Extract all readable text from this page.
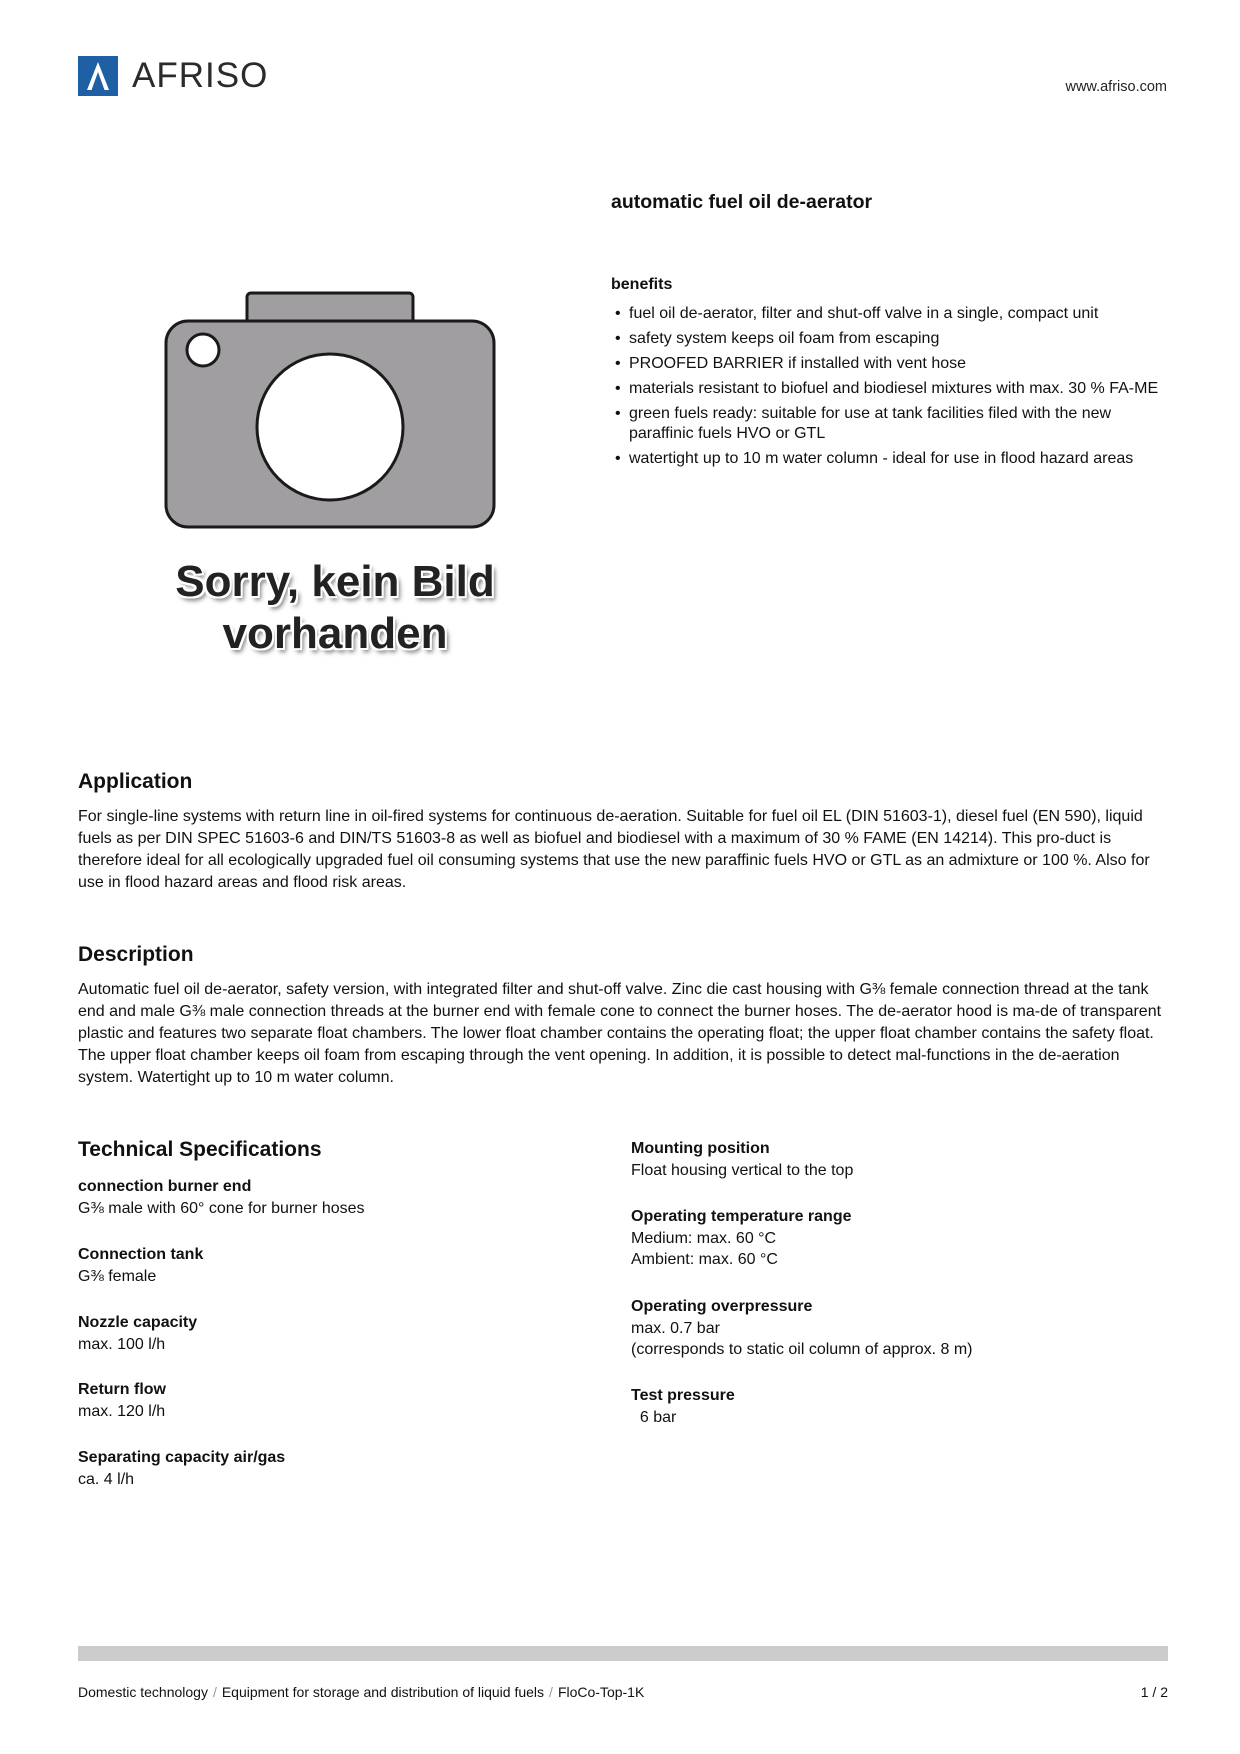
AFRISO	www.afriso.com
automatic fuel oil de-aerator
Sorry, kein Bild
vorhanden
benefits
• fuel oil de-aerator, filter and shut-off valve in a single, compact unit
• safety system keeps oil foam from escaping
• PROOFED BARRIER if installed with vent hose
• materials resistant to biofuel and biodiesel mixtures with max. 30 % FA-ME
• green fuels ready: suitable for use at tank facilities filed with the new paraffinic fuels HVO or GTL
• watertight up to 10 m water column - ideal for use in flood hazard areas
Application

For single-line systems with return line in oil-fired systems for continuous de-aeration. Suitable for fuel oil EL (DIN 51603-1), diesel fuel (EN 590), liquid fuels as per DIN SPEC 51603-6 and DIN/TS 51603-8 as well as biofuel and biodiesel with a maximum of 30 % FAME (EN 14214). This pro-duct is therefore ideal for all ecologically upgraded fuel oil consuming systems that use the new paraffinic fuels HVO or GTL as an admixture or 100 %. Also for use in flood hazard areas and flood risk areas.

Description

Automatic fuel oil de-aerator, safety version, with integrated filter and shut-off valve. Zinc die cast housing with G⅜ female connection thread at the tank end and male G⅜ male connection threads at the burner end with female cone to connect the burner hoses. The de-aerator hood is ma-de of transparent plastic and features two separate float chambers. The lower float chamber contains the operating float; the upper float chamber contains the safety float. The upper float chamber keeps oil foam from escaping through the vent opening. In addition, it is possible to detect mal-functions in the de-aeration system. Watertight up to 10 m water column.

Technical Specifications
connection burner end
G⅜ male with 60° cone for burner hoses
Connection tank
G⅜ female
Nozzle capacity
max. 100 l/h
Return flow
max. 120 l/h
Separating capacity air/gas
ca. 4 l/h
Mounting position
Float housing vertical to the top
Operating temperature range
Medium: max. 60 °C
Ambient: max. 60 °C
Operating overpressure
max. 0.7 bar
(corresponds to static oil column of approx. 8 m)
Test pressure
6 bar
Domestic technology / Equipment for storage and distribution of liquid fuels / FloCo-Top-1K	1 / 2
